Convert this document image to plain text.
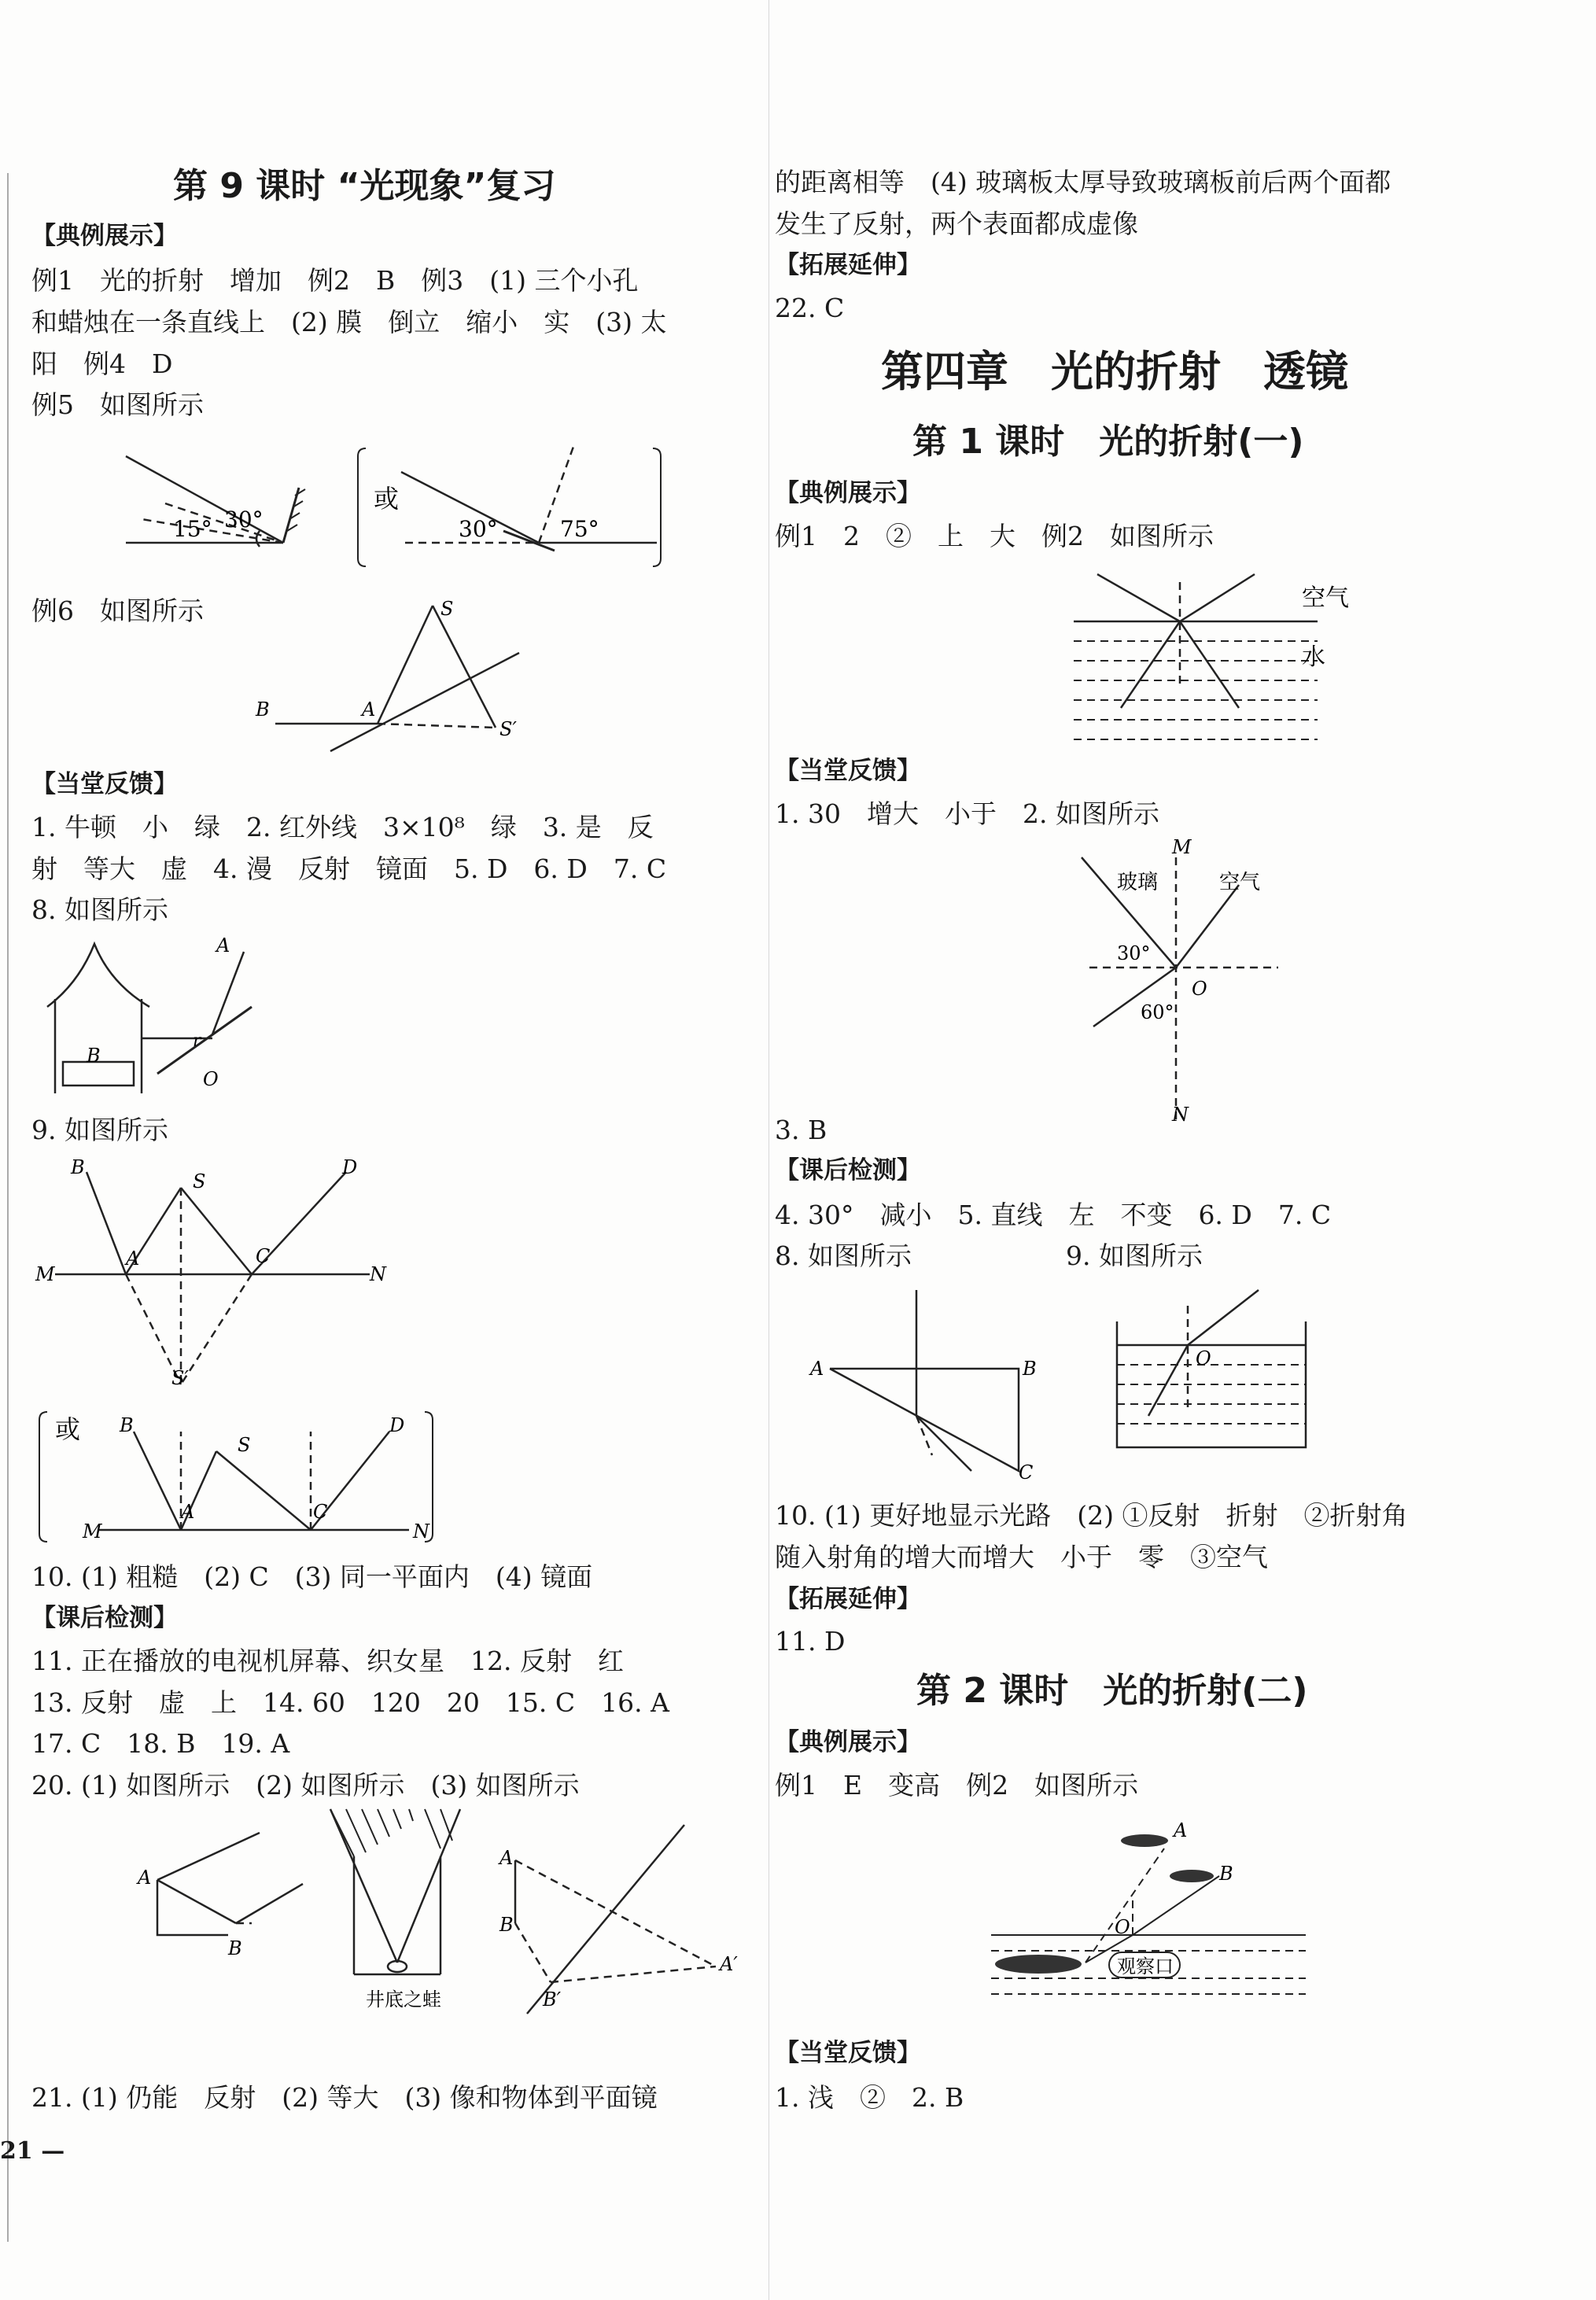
第 9 课时 “光现象”复习
【典例展示】
例1　光的折射　增加　例2　B　例3　(1) 三个小孔
和蜡烛在一条直线上　(2) 膜　倒立　缩小　实　(3) 太
阳　例4　D
例5　如图所示
15° 30°
或
30°	75°
例6　如图所示	S
S′
A
B
【当堂反馈】
1. 牛顿　小　绿　2. 红外线　3×10⁸　绿　3. 是　反
射　等大　虚　4. 漫　反射　镜面　5. D　6. D　7. C
8. 如图所示
A
B
r
O
9. 如图所示
B
S
D
A	C
M	N
S′
或 B
S
D
A	C
M	N
10. (1) 粗糙　(2) C　(3) 同一平面内　(4) 镜面
【课后检测】
11. 正在播放的电视机屏幕、织女星　12. 反射　红
13. 反射　虚　上　14. 60　120　20　15. C　16. A
17. C　18. B　19. A
20. (1) 如图所示　(2) 如图所示　(3) 如图所示
A
B
井底之蛙
A
B
A′
B′
21. (1) 仍能　反射　(2) 等大　(3) 像和物体到平面镜
21 —
的距离相等　(4) 玻璃板太厚导致玻璃板前后两个面都
发生了反射，两个表面都成虚像
【拓展延伸】
22. C
第四章　光的折射　透镜
第 1 课时　光的折射(一)
【典例展示】
例1　2　②　上　大　例2　如图所示
空气
水
【当堂反馈】
1. 30　增大　小于　2. 如图所示
M
N
O
30°
60°
玻璃	空气
3. B
【课后检测】
4. 30°　减小　5. 直线　左　不变　6. D　7. C
8. 如图所示	9. 如图所示
A	B
C
O
10. (1) 更好地显示光路　(2) ①反射　折射　②折射角
随入射角的增大而增大　小于　零　③空气
【拓展延伸】
11. D
第 2 课时　光的折射(二)
【典例展示】
例1　E　变高　例2　如图所示
观察口
A
B
O
【当堂反馈】
1. 浅　②　2. B
